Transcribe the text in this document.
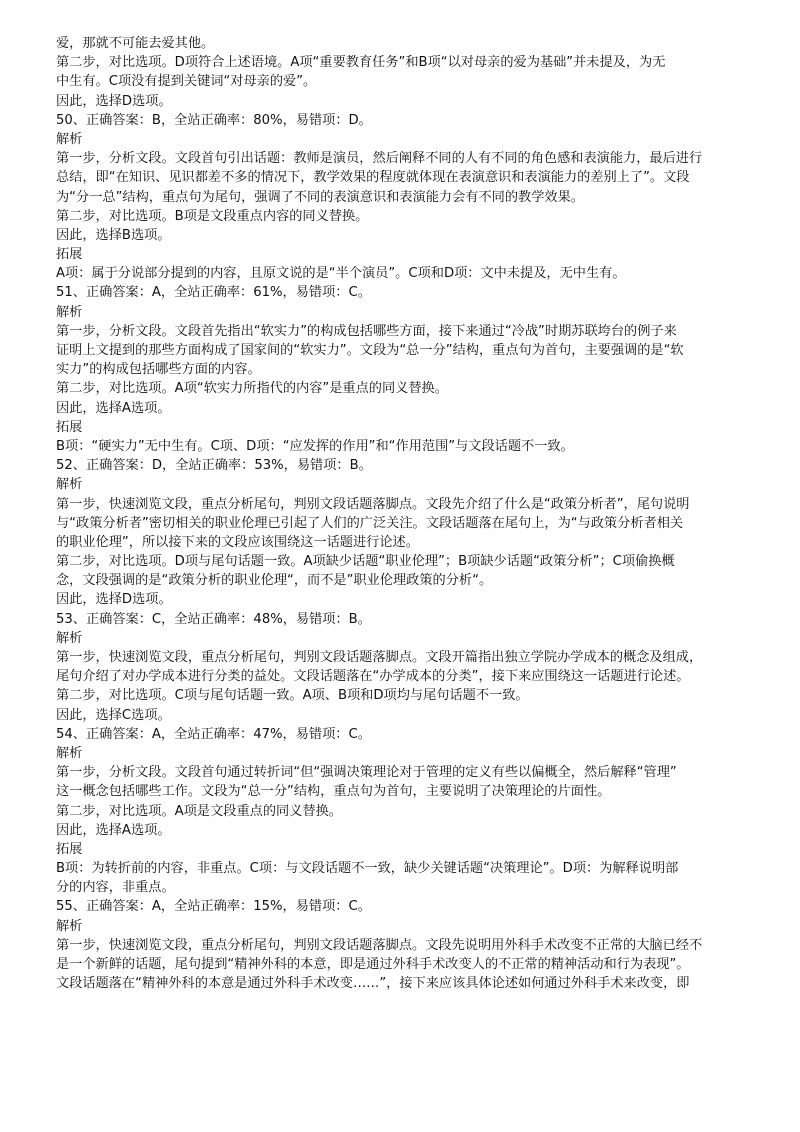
爱，那就不可能去爱其他。
第二步，对比选项。D项符合上述语境。A项“重要教育任务”和B项“以对母亲的爱为基础”并未提及，为无
中生有。C项没有提到关键词“对母亲的爱”。
因此，选择D选项。
50、正确答案：B，全站正确率：80%，易错项：D。
解析
第一步，分析文段。文段首句引出话题：教师是演员，然后阐释不同的人有不同的角色感和表演能力，最后进行
总结，即“在知识、见识都差不多的情况下，教学效果的程度就体现在表演意识和表演能力的差别上了”。文段
为“分一总”结构，重点句为尾句，强调了不同的表演意识和表演能力会有不同的教学效果。
第二步，对比选项。B项是文段重点内容的同义替换。
因此，选择B选项。
拓展
A项：属于分说部分提到的内容，且原文说的是“半个演员”。C项和D项：文中未提及，无中生有。
51、正确答案：A，全站正确率：61%，易错项：C。
解析
第一步，分析文段。文段首先指出“软实力”的构成包括哪些方面，接下来通过“冷战”时期苏联垮台的例子来
证明上文提到的那些方面构成了国家间的“软实力”。文段为“总一分”结构，重点句为首句，主要强调的是“软
实力”的构成包括哪些方面的内容。
第二步，对比选项。A项“软实力所指代的内容”是重点的同义替换。
因此，选择A选项。
拓展
B项：“硬实力”无中生有。C项、D项：“应发挥的作用”和“作用范围”与文段话题不一致。
52、正确答案：D，全站正确率：53%，易错项：B。
解析
第一步，快速浏览文段，重点分析尾句，判别文段话题落脚点。文段先介绍了什么是“政策分析者”，尾句说明
与“政策分析者”密切相关的职业伦理已引起了人们的广泛关注。文段话题落在尾句上，为“与政策分析者相关
的职业伦理”，所以接下来的文段应该围绕这一话题进行论述。
第二步，对比选项。D项与尾句话题一致。A项缺少话题“职业伦理”；B项缺少话题“政策分析”；C项偷换概
念，文段强调的是“政策分析的职业伦理“，而不是”职业伦理政策的分析“。
因此，选择D选项。
53、正确答案：C，全站正确率：48%，易错项：B。
解析
第一步，快速浏览文段，重点分析尾句，判别文段话题落脚点。文段开篇指出独立学院办学成本的概念及组成，
尾句介绍了对办学成本进行分类的益处。文段话题落在“办学成本的分类”，接下来应围绕这一话题进行论述。
第二步，对比选项。C项与尾句话题一致。A项、B项和D项均与尾句话题不一致。
因此，选择C选项。
54、正确答案：A，全站正确率：47%，易错项：C。
解析
第一步，分析文段。文段首句通过转折词“但“强调决策理论对于管理的定义有些以偏概全，然后解释“管理”
这一概念包括哪些工作。文段为“总一分”结构，重点句为首句，主要说明了决策理论的片面性。
第二步，对比选项。A项是文段重点的同义替换。
因此，选择A选项。
拓展
B项：为转折前的内容，非重点。C项：与文段话题不一致，缺少关键话题“决策理论”。D项：为解释说明部
分的内容，非重点。
55、正确答案：A，全站正确率：15%，易错项：C。
解析
第一步，快速浏览文段，重点分析尾句，判别文段话题落脚点。文段先说明用外科手术改变不正常的大脑已经不
是一个新鲜的话题，尾句提到“精神外科的本意，即是通过外科手术改变人的不正常的精神活动和行为表现”。
文段话题落在“精神外科的本意是通过外科手术改变……”，接下来应该具体论述如何通过外科手术来改变，即
